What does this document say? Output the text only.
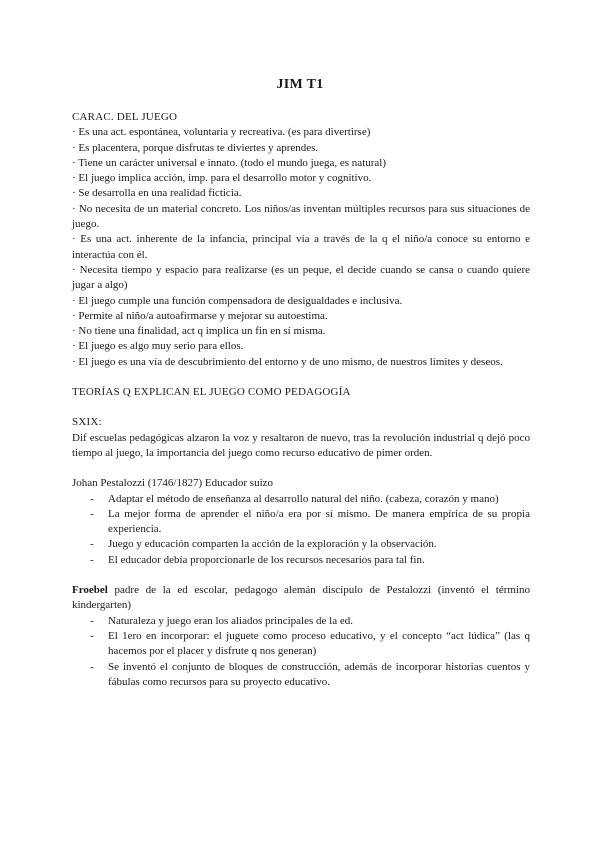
JIM T1
CARAC. DEL JUEGO
· Es una act. espontánea, voluntaria y recreativa. (es para divertirse)
· Es placentera, porque disfrutas te diviertes y aprendes.
· Tiene un carácter universal e innato. (todo el mundo juega, es natural)
· El juego implica acción, imp. para el desarrollo motor y cognitivo.
· Se desarrolla en una realidad ficticia.
· No necesita de un material concreto. Los niños/as inventan múltiples recursos para sus situaciones de juego.
· Es una act. inherente de la infancia, principal vía a través de la q el niño/a conoce su entorno e interactúa con él.
· Necesita tiempo y espacio para realizarse (es un peque, el decide cuando se cansa o cuando quiere jugar a algo)
· El juego cumple una función compensadora de desigualdades e inclusiva.
· Permite al niño/a autoafirmarse y mejorar su autoestima.
· No tiene una finalidad, act q implica un fin en sí misma.
· El juego es algo muy serio para ellos.
· El juego es una vía de descubrimiento del entorno y de uno mismo, de nuestros límites y deseos.
TEORÍAS Q EXPLICAN EL JUEGO COMO PEDAGOGÍA
SXIX:
Dif escuelas pedagógicas alzaron la voz y resaltaron de nuevo, tras la revolución industrial q dejó poco tiempo al juego, la importancia del juego como recurso educativo de pimer orden.
Johan Pestalozzi (1746/1827) Educador suizo
- Adaptar el método de enseñanza al desarrollo natural del niño. (cabeza, corazón y mano)
- La mejor forma de aprender el niño/a era por sí mismo. De manera empírica de su propia experiencia.
- Juego y educación comparten la acción de la exploración y la observación.
- El educador debía proporcionarle de los recursos necesarios para tal fin.
Froebel padre de la ed escolar, pedagogo alemán discípulo de Pestalozzi (inventó el término kindergarten)
- Naturaleza y juego eran los aliados principales de la ed.
- El 1ero en incorporar: el juguete como proceso educativo, y el concepto “act lúdica” (las q hacemos por el placer y disfrute q nos generan)
- Se inventó el conjunto de bloques de construcción, además de incorporar historias cuentos y fábulas como recursos para su proyecto educativo.
